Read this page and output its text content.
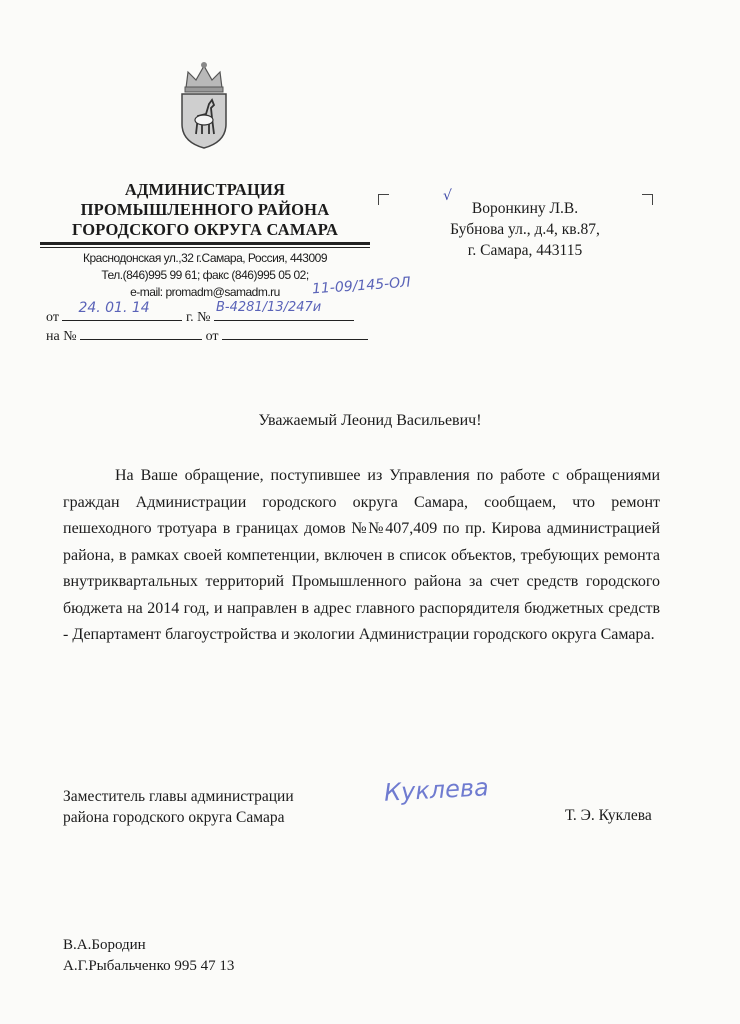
АДМИНИСТРАЦИЯ
ПРОМЫШЛЕННОГО РАЙОНА
ГОРОДСКОГО ОКРУГА САМАРА
Краснодонская ул.,32 г.Самара, Россия, 443009
Тел.(846)995 99 61; факс (846)995 05 02;
e-mail: promadm@samadm.ru	11-09/145-ОЛ
от
24. 01. 14
г. №
В-4281/13/247и
на №	от
√
Воронкину Л.В.
Бубнова ул., д.4, кв.87,
г. Самара, 443115
Уважаемый Леонид Васильевич!

На Ваше обращение, поступившее из Управления по работе с обращениями граждан Администрации городского округа Самара, сообщаем, что ремонт пешеходного тротуара в границах домов №№407,409 по пр. Кирова администрацией района, в рамках своей компетенции, включен в список объектов, требующих ремонта внутриквартальных территорий Промышленного района за счет средств городского бюджета на 2014 год, и направлен в адрес главного распорядителя бюджетных средств - Департамент благоустройства и экологии Администрации городского округа Самара.

Заместитель главы администрации
района городского округа Самара
Куклева
Т. Э. Куклева
В.А.Бородин
А.Г.Рыбальченко 995 47 13
